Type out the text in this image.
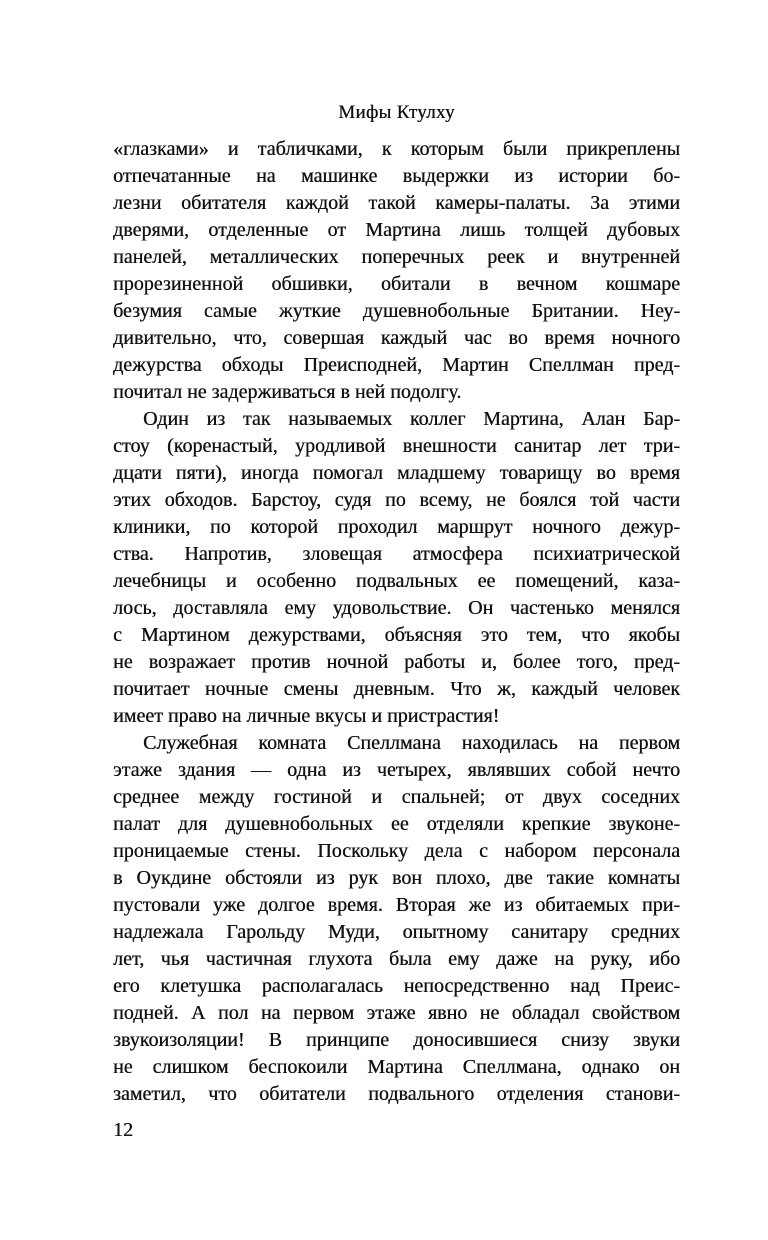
Мифы Ктулху
«глазками» и табличками, к которым были прикреплены
отпечатанные на машинке выдержки из истории бо-
лезни обитателя каждой такой камеры-палаты. За этими
дверями, отделенные от Мартина лишь толщей дубовых
панелей, металлических поперечных реек и внутренней
прорезиненной обшивки, обитали в вечном кошмаре
безумия самые жуткие душевнобольные Британии. Неу-
дивительно, что, совершая каждый час во время ночного
дежурства обходы Преисподней, Мартин Спеллман пред-
почитал не задерживаться в ней подолгу.
Один из так называемых коллег Мартина, Алан Бар-
стоу (коренастый, уродливой внешности санитар лет три-
дцати пяти), иногда помогал младшему товарищу во время
этих обходов. Барстоу, судя по всему, не боялся той части
клиники, по которой проходил маршрут ночного дежур-
ства. Напротив, зловещая атмосфера психиатрической
лечебницы и особенно подвальных ее помещений, каза-
лось, доставляла ему удовольствие. Он частенько менялся
с Мартином дежурствами, объясняя это тем, что якобы
не возражает против ночной работы и, более того, пред-
почитает ночные смены дневным. Что ж, каждый человек
имеет право на личные вкусы и пристрастия!
Служебная комната Спеллмана находилась на первом
этаже здания — одна из четырех, являвших собой нечто
среднее между гостиной и спальней; от двух соседних
палат для душевнобольных ее отделяли крепкие звуконе-
проницаемые стены. Поскольку дела с набором персонала
в Оукдине обстояли из рук вон плохо, две такие комнаты
пустовали уже долгое время. Вторая же из обитаемых при-
надлежала Гарольду Муди, опытному санитару средних
лет, чья частичная глухота была ему даже на руку, ибо
его клетушка располагалась непосредственно над Преис-
подней. А пол на первом этаже явно не обладал свойством
звукоизоляции! В принципе доносившиеся снизу звуки
не слишком беспокоили Мартина Спеллмана, однако он
заметил, что обитатели подвального отделения станови-
12
